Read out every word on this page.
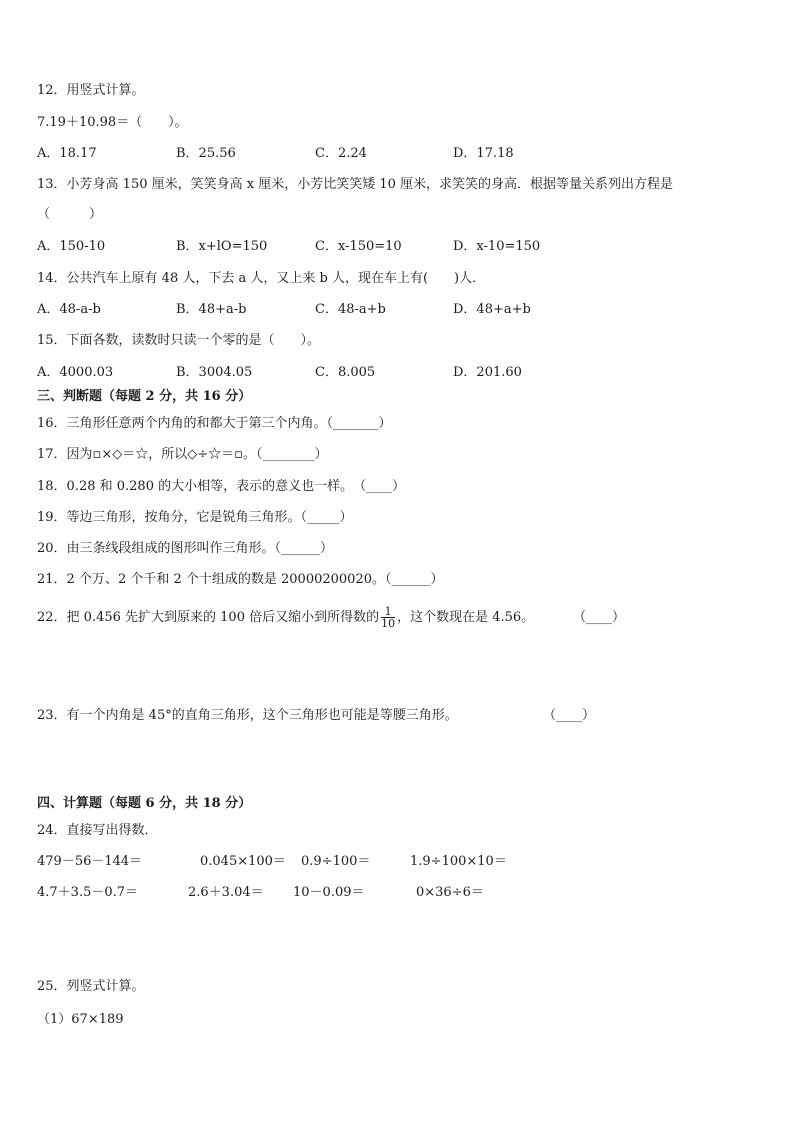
12．用竖式计算。
7.19＋10.98＝（　　）。
A．18.17	B．25.56	C．2.24	D．17.18
13．小芳身高 150 厘米，笑笑身高 x 厘米，小芳比笑笑矮 10 厘米，求笑笑的身高．根据等量关系列出方程是
（　　　）
A．150-10	B．x+lO=150	C．x-150=10	D．x-10=150
14．公共汽车上原有 48 人，下去 a 人，又上来 b 人，现在车上有(　　)人．
A．48-a-b	B．48+a-b	C．48-a+b	D．48+a+b
15．下面各数，读数时只读一个零的是（　　）。
A．4000.03	B．3004.05	C．8.005	D．201.60
三、判断题（每题 2 分，共 16 分）
16．三角形任意两个内角的和都大于第三个内角。（_______）
17．因为▫×◇＝☆，所以◇÷☆＝▫。（________）
18．0.28 和 0.280 的大小相等，表示的意义也一样。　（____）
19．等边三角形，按角分，它是锐角三角形。（_____）
20．由三条线段组成的图形叫作三角形。（______）
21．2 个万、2 个千和 2 个十组成的数是 20000200020。（______）
22．把 0.456 先扩大到原来的 100 倍后又缩小到所得数的 $\frac{1}{10}$ ，这个数现在是 4.56。	（____）
23．有一个内角是 45°的直角三角形，这个三角形也可能是等腰三角形。	（____）
四、计算题（每题 6 分，共 18 分）
24．直接写出得数．
479－56－144＝	0.045×100＝ 0.9÷100＝	1.9÷100×10＝
4.7＋3.5－0.7＝	2.6＋3.04＝ 10－0.09＝	0×36÷6＝
25．列竖式计算。
（1）67×189
